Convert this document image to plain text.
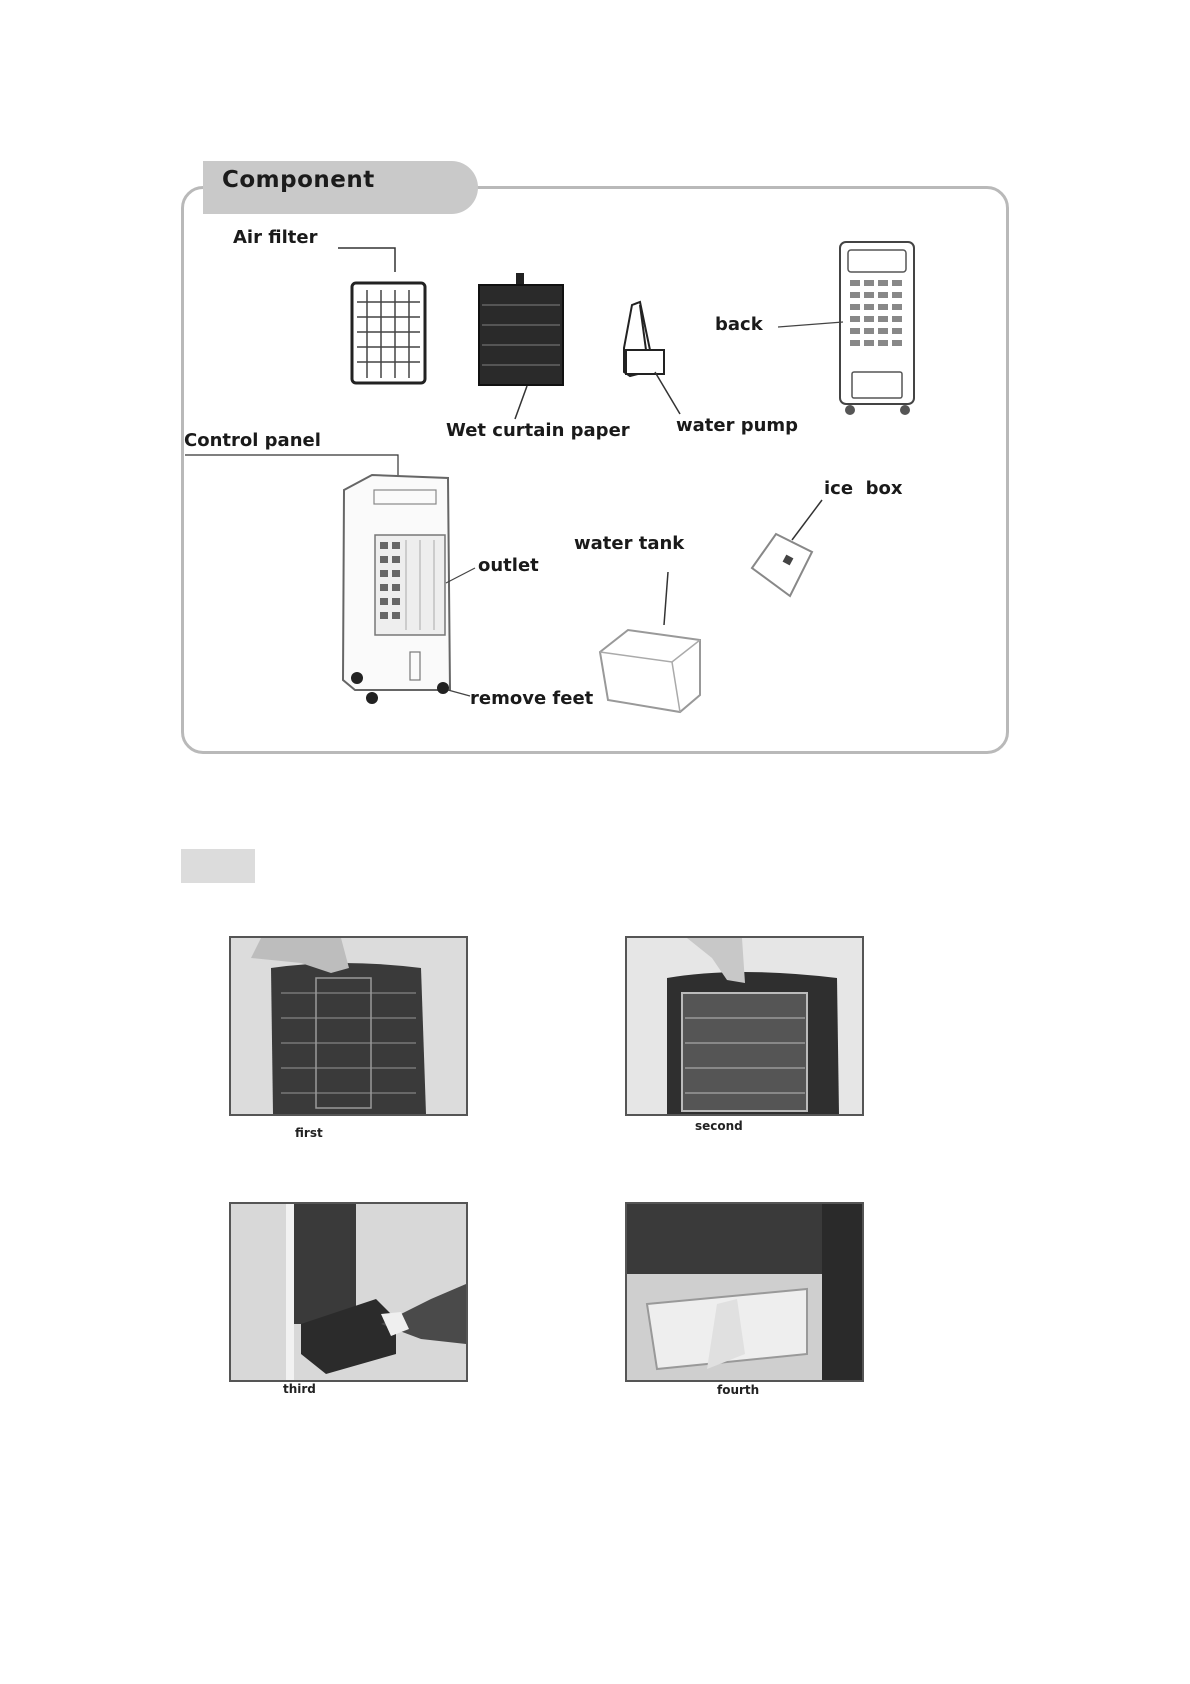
Component
Air filter
Wet curtain paper	water pump
back
Control panel
outlet
water tank
ice  box
remove feet
first	second
third	fourth
